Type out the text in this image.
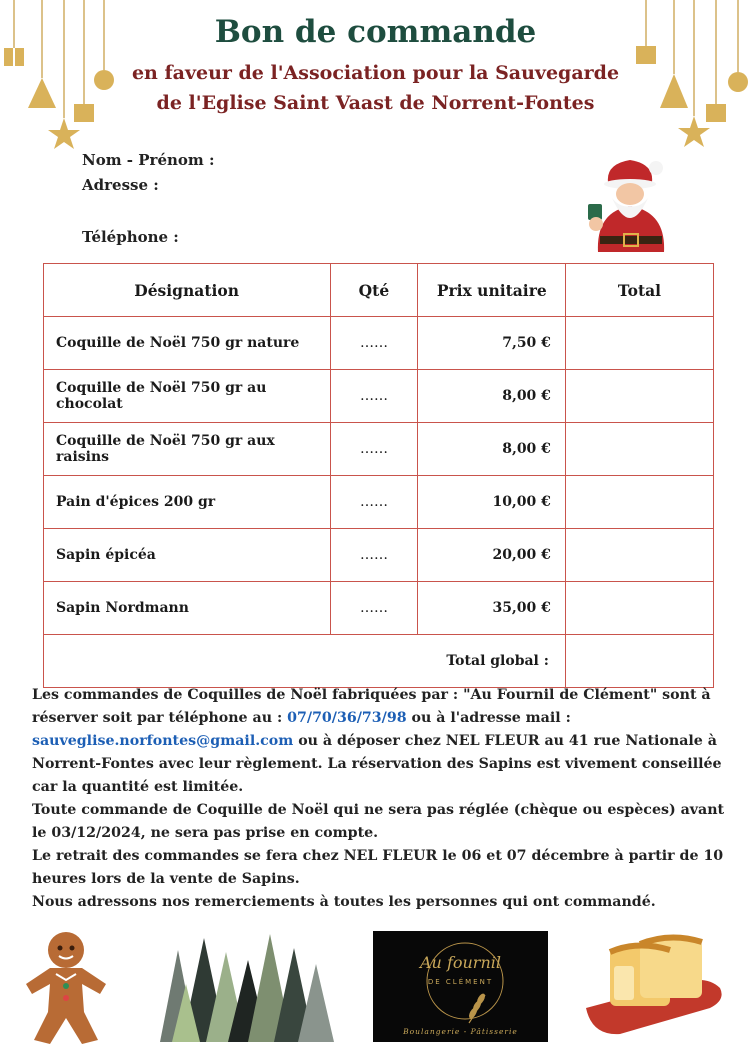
Bon de commande
en faveur de l'Association pour la Sauvegarde
de l'Eglise Saint Vaast de Norrent-Fontes
Nom - Prénom :
Adresse :
Téléphone :
Désignation	Qté	Prix unitaire	Total
Coquille de Noël 750 gr nature	……	7,50 €	
Coquille de Noël 750 gr au chocolat	……	8,00 €	
Coquille de Noël 750 gr aux raisins	……	8,00 €	
Pain d'épices 200 gr	……	10,00 €	
Sapin épicéa	……	20,00 €	
Sapin Nordmann	……	35,00 €	
Total global :			
Les commandes de Coquilles de Noël fabriquées par : "Au Fournil de Clément" sont à réserver soit par téléphone au : 07/70/36/73/98 ou à l'adresse mail : sauveglise.norfontes@gmail.com ou à déposer chez NEL FLEUR au 41 rue Nationale à Norrent-Fontes avec leur règlement. La réservation des Sapins est vivement conseillée car la quantité est limitée.
Toute commande de Coquille de Noël qui ne sera pas réglée (chèque ou espèces) avant le 03/12/2024, ne sera pas prise en compte.
Le retrait des commandes se fera chez NEL FLEUR le 06 et 07 décembre à partir de 10 heures lors de la vente de Sapins.
Nous adressons nos remerciements à toutes les personnes qui ont commandé.
Au fournil
DE CLÉMENT
Boulangerie - Pâtisserie
